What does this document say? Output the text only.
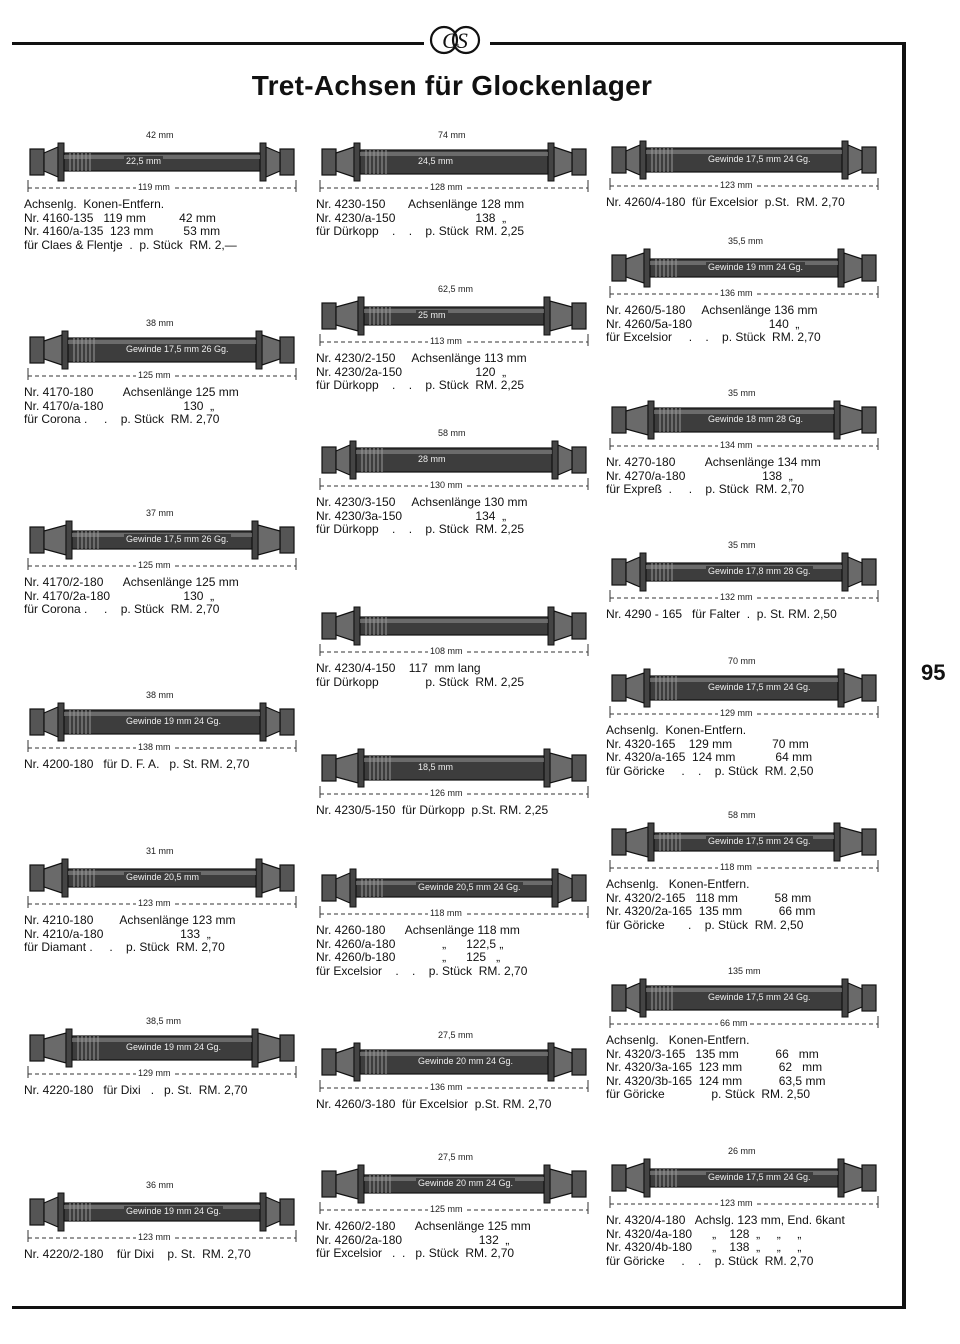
CS
Tret-Achsen für Glockenlager
95
42 mm
22,5 mm
119 mm
Achsenlg.  Konen-Entfern.
Nr. 4160-135   119 mm          42 mm
Nr. 4160/a-135  123 mm         53 mm
für Claes & Flentje  .  p. Stück  RM. 2,—
38 mm
Gewinde 17,5 mm 26 Gg.
125 mm
Nr. 4170-180         Achsenlänge 125 mm
Nr. 4170/a-180                        130  „
für Corona .     .    p. Stück  RM. 2,70
37 mm
Gewinde 17,5 mm 26 Gg.
125 mm
Nr. 4170/2-180      Achsenlänge 125 mm
Nr. 4170/2a-180                      130  „
für Corona .     .    p. Stück  RM. 2,70
38 mm
Gewinde 19 mm 24 Gg.
138 mm
Nr. 4200-180   für D. F. A.   p. St. RM. 2,70
31 mm
Gewinde 20,5 mm
123 mm
Nr. 4210-180        Achsenlänge 123 mm
Nr. 4210/a-180                       133  „
für Diamant .     .    p. Stück  RM. 2,70
38,5 mm
Gewinde 19 mm 24 Gg.
129 mm
Nr. 4220-180   für Dixi   .   p. St.  RM. 2,70
36 mm
Gewinde 19 mm 24 Gg.
123 mm
Nr. 4220/2-180    für Dixi    p. St.  RM. 2,70
74 mm
24,5 mm
128 mm
Nr. 4230-150       Achsenlänge 128 mm
Nr. 4230/a-150                        138  „
für Dürkopp    .    .    p. Stück  RM. 2,25
62,5 mm
25 mm
113 mm
Nr. 4230/2-150     Achsenlänge 113 mm
Nr. 4230/2a-150                      120  „
für Dürkopp    .    .    p. Stück  RM. 2,25
58 mm
28 mm
130 mm
Nr. 4230/3-150     Achsenlänge 130 mm
Nr. 4230/3a-150                      134  „
für Dürkopp    .    .    p. Stück  RM. 2,25
108 mm
Nr. 4230/4-150    117  mm lang
für Dürkopp              p. Stück  RM. 2,25
18,5 mm
126 mm
Nr. 4230/5-150  für Dürkopp  p.St. RM. 2,25
Gewinde 20,5 mm 24 Gg.
118 mm
Nr. 4260-180      Achsenlänge 118 mm
Nr. 4260/a-180              „      122,5 „
Nr. 4260/b-180              „      125   „
für Excelsior    .    .    p. Stück  RM. 2,70
27,5 mm
Gewinde 20 mm 24 Gg.
136 mm
Nr. 4260/3-180  für Excelsior  p.St. RM. 2,70
27,5 mm
Gewinde 20 mm 24 Gg.
125 mm
Nr. 4260/2-180      Achsenlänge 125 mm
Nr. 4260/2a-180                       132  „
für Excelsior   .  .   p. Stück  RM. 2,70
Gewinde 17,5 mm 24 Gg.
123 mm
Nr. 4260/4-180  für Excelsior  p.St.  RM. 2,70
35,5 mm
Gewinde 19 mm 24 Gg.
136 mm
Nr. 4260/5-180     Achsenlänge 136 mm
Nr. 4260/5a-180                       140  „
für Excelsior     .    .    p. Stück  RM. 2,70
35 mm
Gewinde 18 mm 28 Gg.
134 mm
Nr. 4270-180         Achsenlänge 134 mm
Nr. 4270/a-180                       138  „
für Expreß  .     .    p. Stück  RM. 2,70
35 mm
Gewinde 17,8 mm 28 Gg.
132 mm
Nr. 4290 - 165   für Falter  .  p. St. RM. 2,50
70 mm
Gewinde 17,5 mm 24 Gg.
129 mm
Achsenlg.  Konen-Entfern.
Nr. 4320-165    129 mm            70 mm
Nr. 4320/a-165  124 mm            64 mm
für Göricke     .    .    p. Stück  RM. 2,50
58 mm
Gewinde 17,5 mm 24 Gg.
118 mm
Achsenlg.   Konen-Entfern.
Nr. 4320/2-165   118 mm           58 mm
Nr. 4320/2a-165  135 mm           66 mm
für Göricke       .    p. Stück  RM. 2,50
135 mm
Gewinde 17,5 mm 24 Gg.
66 mm
Achsenlg.   Konen-Entfern.
Nr. 4320/3-165   135 mm           66   mm
Nr. 4320/3a-165  123 mm           62   mm
Nr. 4320/3b-165  124 mm           63,5 mm
für Göricke              p. Stück  RM. 2,50
26 mm
Gewinde 17,5 mm 24 Gg.
123 mm
Nr. 4320/4-180   Achslg. 123 mm, End. 6kant
Nr. 4320/4a-180      „    128  „     „     „
Nr. 4320/4b-180      „    138  „     „     „
für Göricke     .    .    p. Stück  RM. 2,70
